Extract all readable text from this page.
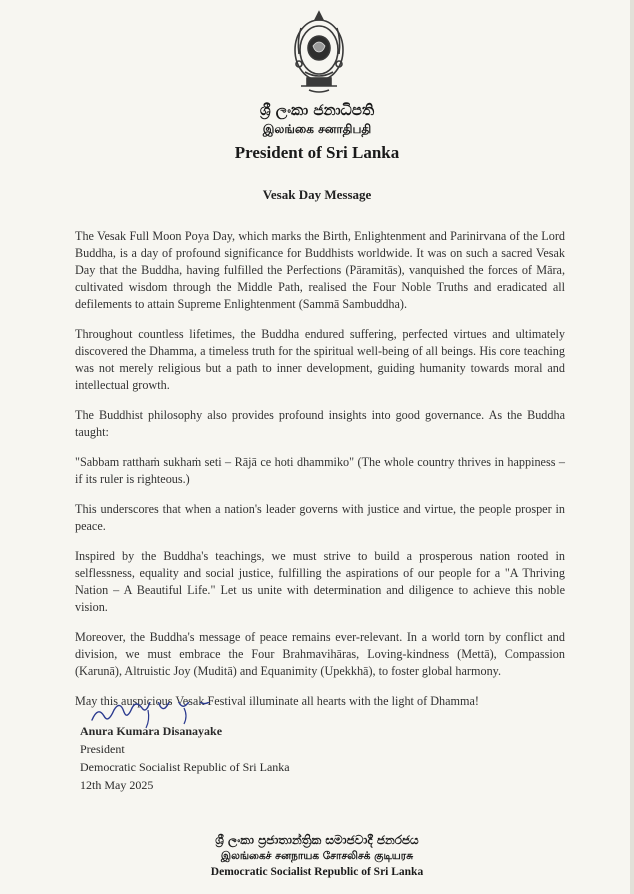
ශ්‍රී ලංකා ජනාධිපති
இலங்கை சனாதிபதி
President of Sri Lanka
Vesak Day Message

The Vesak Full Moon Poya Day, which marks the Birth, Enlightenment and Parinirvana of the Lord Buddha, is a day of profound significance for Buddhists worldwide. It was on such a sacred Vesak Day that the Buddha, having fulfilled the Perfections (Pāramitās), vanquished the forces of Māra, cultivated wisdom through the Middle Path, realised the Four Noble Truths and eradicated all defilements to attain Supreme Enlightenment (Sammā Sambuddha).

Throughout countless lifetimes, the Buddha endured suffering, perfected virtues and ultimately discovered the Dhamma, a timeless truth for the spiritual well-being of all beings. His core teaching was not merely religious but a path to inner development, guiding humanity towards moral and intellectual growth.

The Buddhist philosophy also provides profound insights into good governance. As the Buddha taught:

"Sabbam ratthaṁ sukhaṁ seti – Rājā ce hoti dhammiko" (The whole country thrives in happiness – if its ruler is righteous.)

This underscores that when a nation's leader governs with justice and virtue, the people prosper in peace.

Inspired by the Buddha's teachings, we must strive to build a prosperous nation rooted in selflessness, equality and social justice, fulfilling the aspirations of our people for a "A Thriving Nation – A Beautiful Life." Let us unite with determination and diligence to achieve this noble vision.

Moreover, the Buddha's message of peace remains ever-relevant. In a world torn by conflict and division, we must embrace the Four Brahmavihāras, Loving-kindness (Mettā), Compassion (Karunā), Altruistic Joy (Muditā) and Equanimity (Upekkhā), to foster global harmony.

May this auspicious Vesak Festival illuminate all hearts with the light of Dhamma!

Anura Kumara Disanayake
President
Democratic Socialist Republic of Sri Lanka
12th May 2025
ශ්‍රී ලංකා ප්‍රජාතාන්ත්‍රික සමාජවාදී ජනරජය
இலங்கைச் சனநாயக சோசலிசக் குடியரசு
Democratic Socialist Republic of Sri Lanka
